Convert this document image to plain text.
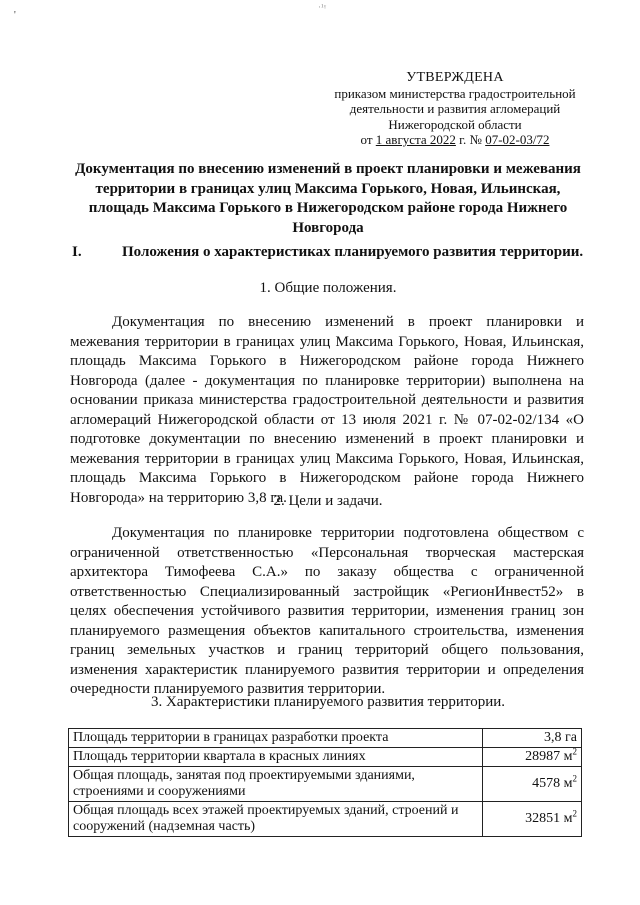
·¹ᵞ
'
УТВЕРЖДЕНА
приказом министерства градостроительной
деятельности и развития агломераций
Нижегородской области
от 1 августа 2022 г. № 07-02-03/72
Документация по внесению изменений в проект планировки и межевания территории в границах улиц Максима Горького, Новая, Ильинская, площадь Максима Горького в Нижегородском районе города Нижнего Новгорода
I.	Положения о характеристиках планируемого развития территории.
1. Общие положения.
Документация по внесению изменений в проект планировки и межевания территории в границах улиц Максима Горького, Новая, Ильинская, площадь Максима Горького в Нижегородском районе города Нижнего Новгорода (далее - документация по планировке территории) выполнена на основании приказа министерства градостроительной деятельности и развития агломераций Нижегородской области от 13 июля 2021 г. № 07-02-02/134 «О подготовке документации по внесению изменений в проект планировки и межевания территории в границах улиц Максима Горького, Новая, Ильинская, площадь Максима Горького в Нижегородском районе города Нижнего Новгорода» на территорию 3,8 га.
2. Цели и задачи.
Документация по планировке территории подготовлена обществом с ограниченной ответственностью «Персональная творческая мастерская архитектора Тимофеева С.А.» по заказу общества с ограниченной ответственностью Специализированный застройщик «РегионИнвест52» в целях обеспечения устойчивого развития территории, изменения границ зон планируемого размещения объектов капитального строительства, изменения границ земельных участков и границ территорий общего пользования, изменения характеристик планируемого развития территории и определения очередности планируемого развития территории.
3. Характеристики планируемого развития территории.
Площадь территории в границах разработки проекта	3,8 га
Площадь территории квартала в красных линиях	28987 $м^2$
Общая площадь, занятая под проектируемыми зданиями, строениями и сооружениями	4578 $м^2$
Общая площадь всех этажей проектируемых зданий, строений и сооружений (надземная часть)	32851 $м^2$
